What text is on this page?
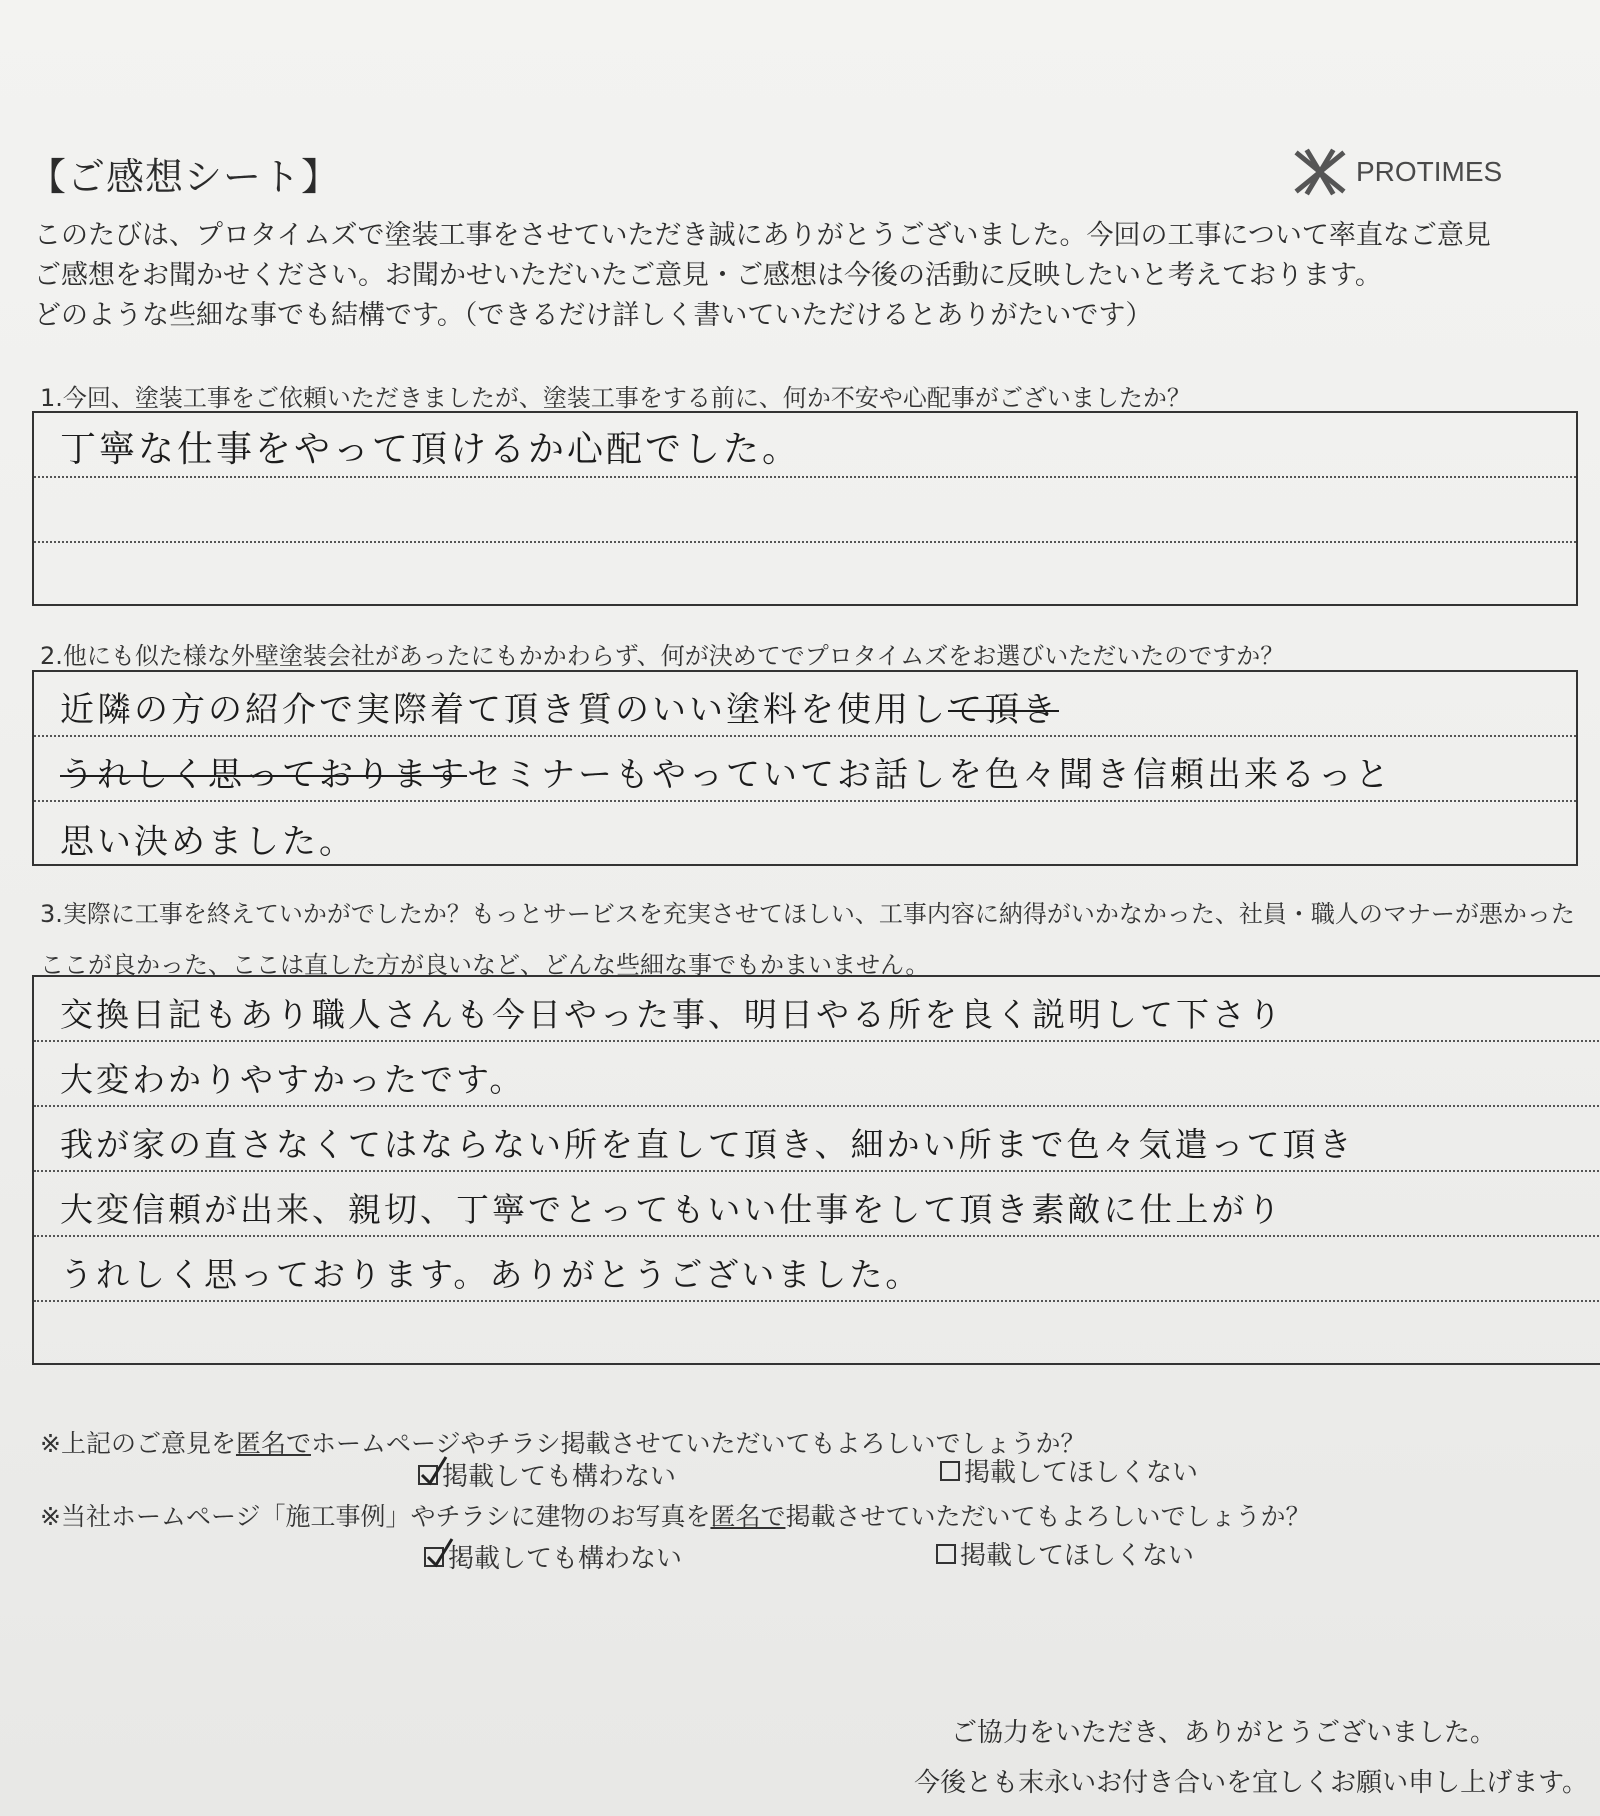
【ご感想シート】	PROTIMES
このたびは、プロタイムズで塗装工事をさせていただき誠にありがとうございました。今回の工事について率直なご意見
ご感想をお聞かせください。お聞かせいただいたご意見・ご感想は今後の活動に反映したいと考えております。
どのような些細な事でも結構です。（できるだけ詳しく書いていただけるとありがたいです）
1.今回、塗装工事をご依頼いただきましたが、塗装工事をする前に、何か不安や心配事がございましたか？
丁寧な仕事をやって頂けるか心配でした。
2.他にも似た様な外壁塗装会社があったにもかかわらず、何が決めてでプロタイムズをお選びいただいたのですか？
近隣の方の紹介で実際着て頂き質のいい塗料を使用し て頂き
うれしく思っております セミナーもやっていてお話しを色々聞き信頼出来るっと
思い決めました。
3.実際に工事を終えていかがでしたか？もっとサービスを充実させてほしい、工事内容に納得がいかなかった、社員・職人のマナーが悪かった
ここが良かった、ここは直した方が良いなど、どんな些細な事でもかまいません。
交換日記もあり職人さんも今日やった事、明日やる所を良く説明して下さり
大変わかりやすかったです。
我が家の直さなくてはならない所を直して頂き、細かい所まで色々気遣って頂き
大変信頼が出来、親切、丁寧でとってもいい仕事をして頂き素敵に仕上がり
うれしく思っております。ありがとうございました。
※上記のご意見を匿名でホームページやチラシ掲載させていただいてもよろしいでしょうか？
掲載しても構わない	掲載してほしくない
※当社ホームページ「施工事例」やチラシに建物のお写真を匿名で掲載させていただいてもよろしいでしょうか？
掲載しても構わない	掲載してほしくない
ご協力をいただき、ありがとうございました。
今後とも末永いお付き合いを宜しくお願い申し上げます。
